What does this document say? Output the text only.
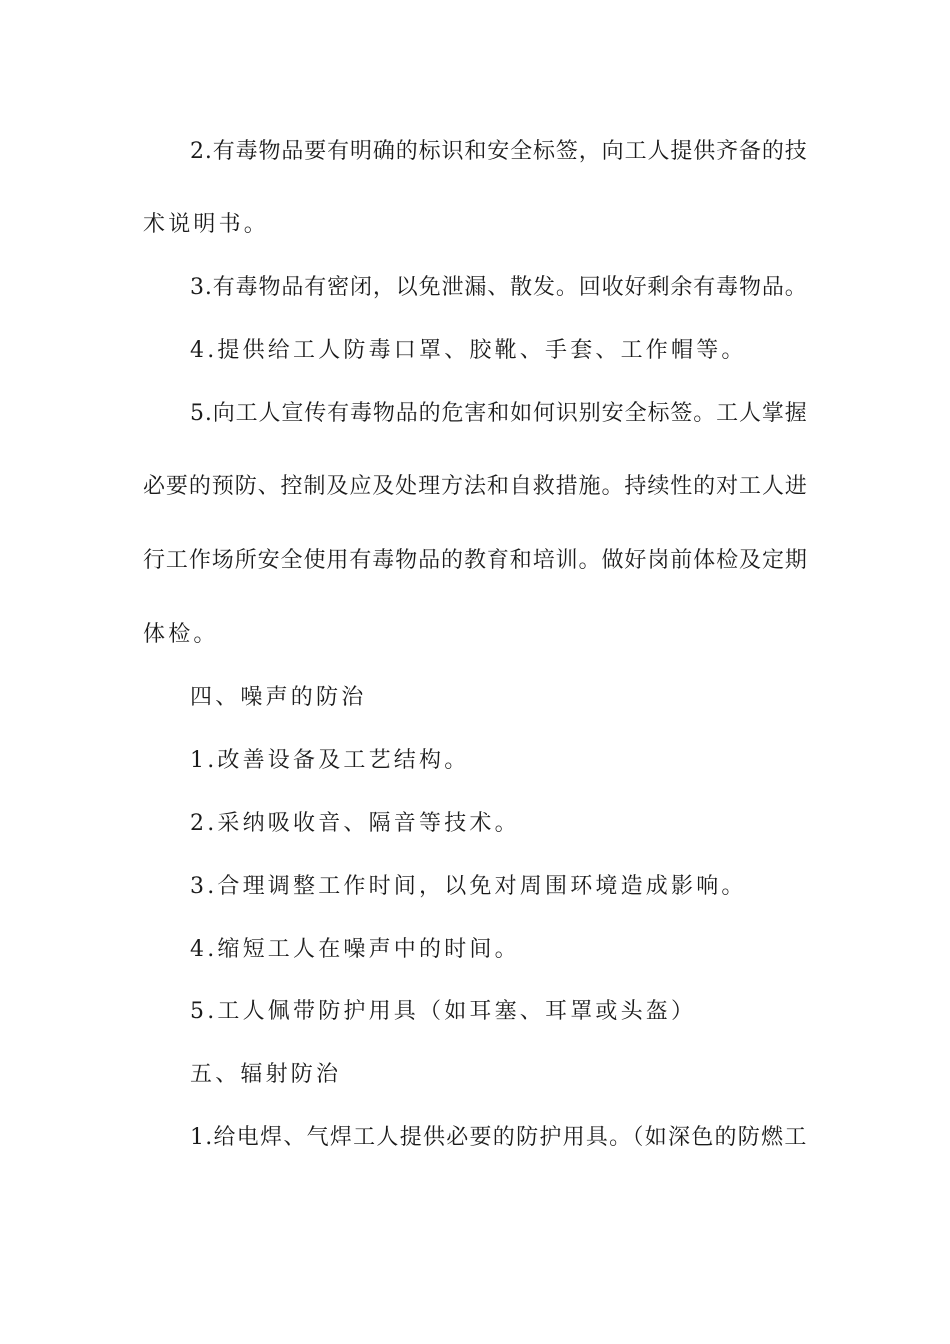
2.有毒物品要有明确的标识和安全标签，向工人提供齐备的技
术说明书。
3.有毒物品有密闭，以免泄漏、散发。回收好剩余有毒物品。
4.提供给工人防毒口罩、胶靴、手套、工作帽等。
5.向工人宣传有毒物品的危害和如何识别安全标签。工人掌握
必要的预防、控制及应及处理方法和自救措施。持续性的对工人进
行工作场所安全使用有毒物品的教育和培训。做好岗前体检及定期
体检。
四、噪声的防治
1.改善设备及工艺结构。
2.采纳吸收音、隔音等技术。
3.合理调整工作时间，以免对周围环境造成影响。
4.缩短工人在噪声中的时间。
5.工人佩带防护用具（如耳塞、耳罩或头盔）
五、辐射防治
1.给电焊、气焊工人提供必要的防护用具。（如深色的防燃工
